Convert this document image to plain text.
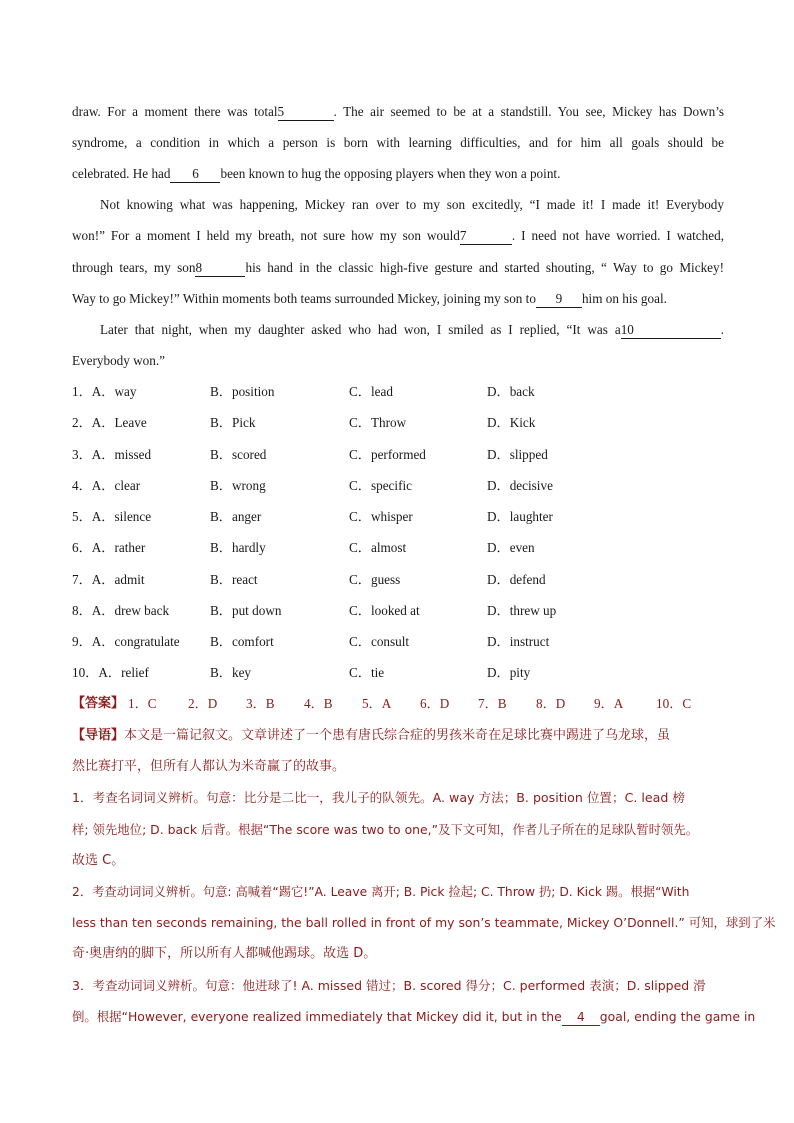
draw. For a moment there was total5	. The air seemed to be at a standstill. You see, Mickey has Down’s
syndrome, a condition in which a person is born with learning difficulties, and for him all goals should be
celebrated. He had 6 been known to hug the opposing players when they won a point.
Not knowing what was happening, Mickey ran over to my son excitedly, “I made it! I made it! Everybody
won!” For a moment I held my breath, not sure how my son would7	. I need not have worried. I watched,
through tears, my son8	his hand in the classic high-five gesture and started shouting, “ Way to go Mickey!
Way to go Mickey!” Within moments both teams surrounded Mickey, joining my son to 9 him on his goal.
Later that night, when my daughter asked who had won, I smiled as I replied, “It was a10	.
Everybody won.”
1．A．way	B．position	C．lead	D．back
2．A．Leave	B．Pick	C．Throw	D．Kick
3．A．missed	B．scored	C．performed	D．slipped
4．A．clear	B．wrong	C．specific	D．decisive
5．A．silence	B．anger	C．whisper	D．laughter
6．A．rather	B．hardly	C．almost	D．even
7．A．admit	B．react	C．guess	D．defend
8．A．drew back	B．put down	C．looked at	D．threw up
9．A．congratulate B．comfort	C．consult	D．instruct
10．A．relief	B．key	C．tie	D．pity
【答案】 1．C 2．D 3．B 4．B 5．A 6．D 7．B 8．D 9．A 10．C
【导语】本文是一篇记叙文。文章讲述了一个患有唐氏综合症的男孩米奇在足球比赛中踢进了乌龙球，虽
然比赛打平，但所有人都认为米奇赢了的故事。
1．考查名词词义辨析。句意：比分是二比一，我儿子的队领先。A. way 方法；B. position 位置；C. lead 榜
样; 领先地位; D. back 后背。根据“The score was two to one,”及下文可知，作者儿子所在的足球队暂时领先。
故选 C。
2．考查动词词义辨析。句意: 高喊着“踢它!”A. Leave 离开; B. Pick 捡起; C. Throw 扔; D. Kick 踢。根据“With
less than ten seconds remaining, the ball rolled in front of my son’s teammate, Mickey O’Donnell.” 可知，球到了米
奇·奥唐纳的脚下，所以所有人都喊他踢球。故选 D。
3．考查动词词义辨析。句意：他进球了! A. missed 错过；B. scored 得分；C. performed 表演；D. slipped 滑
倒。根据“However, everyone realized immediately that Mickey did it, but in the 4 goal, ending the game in
